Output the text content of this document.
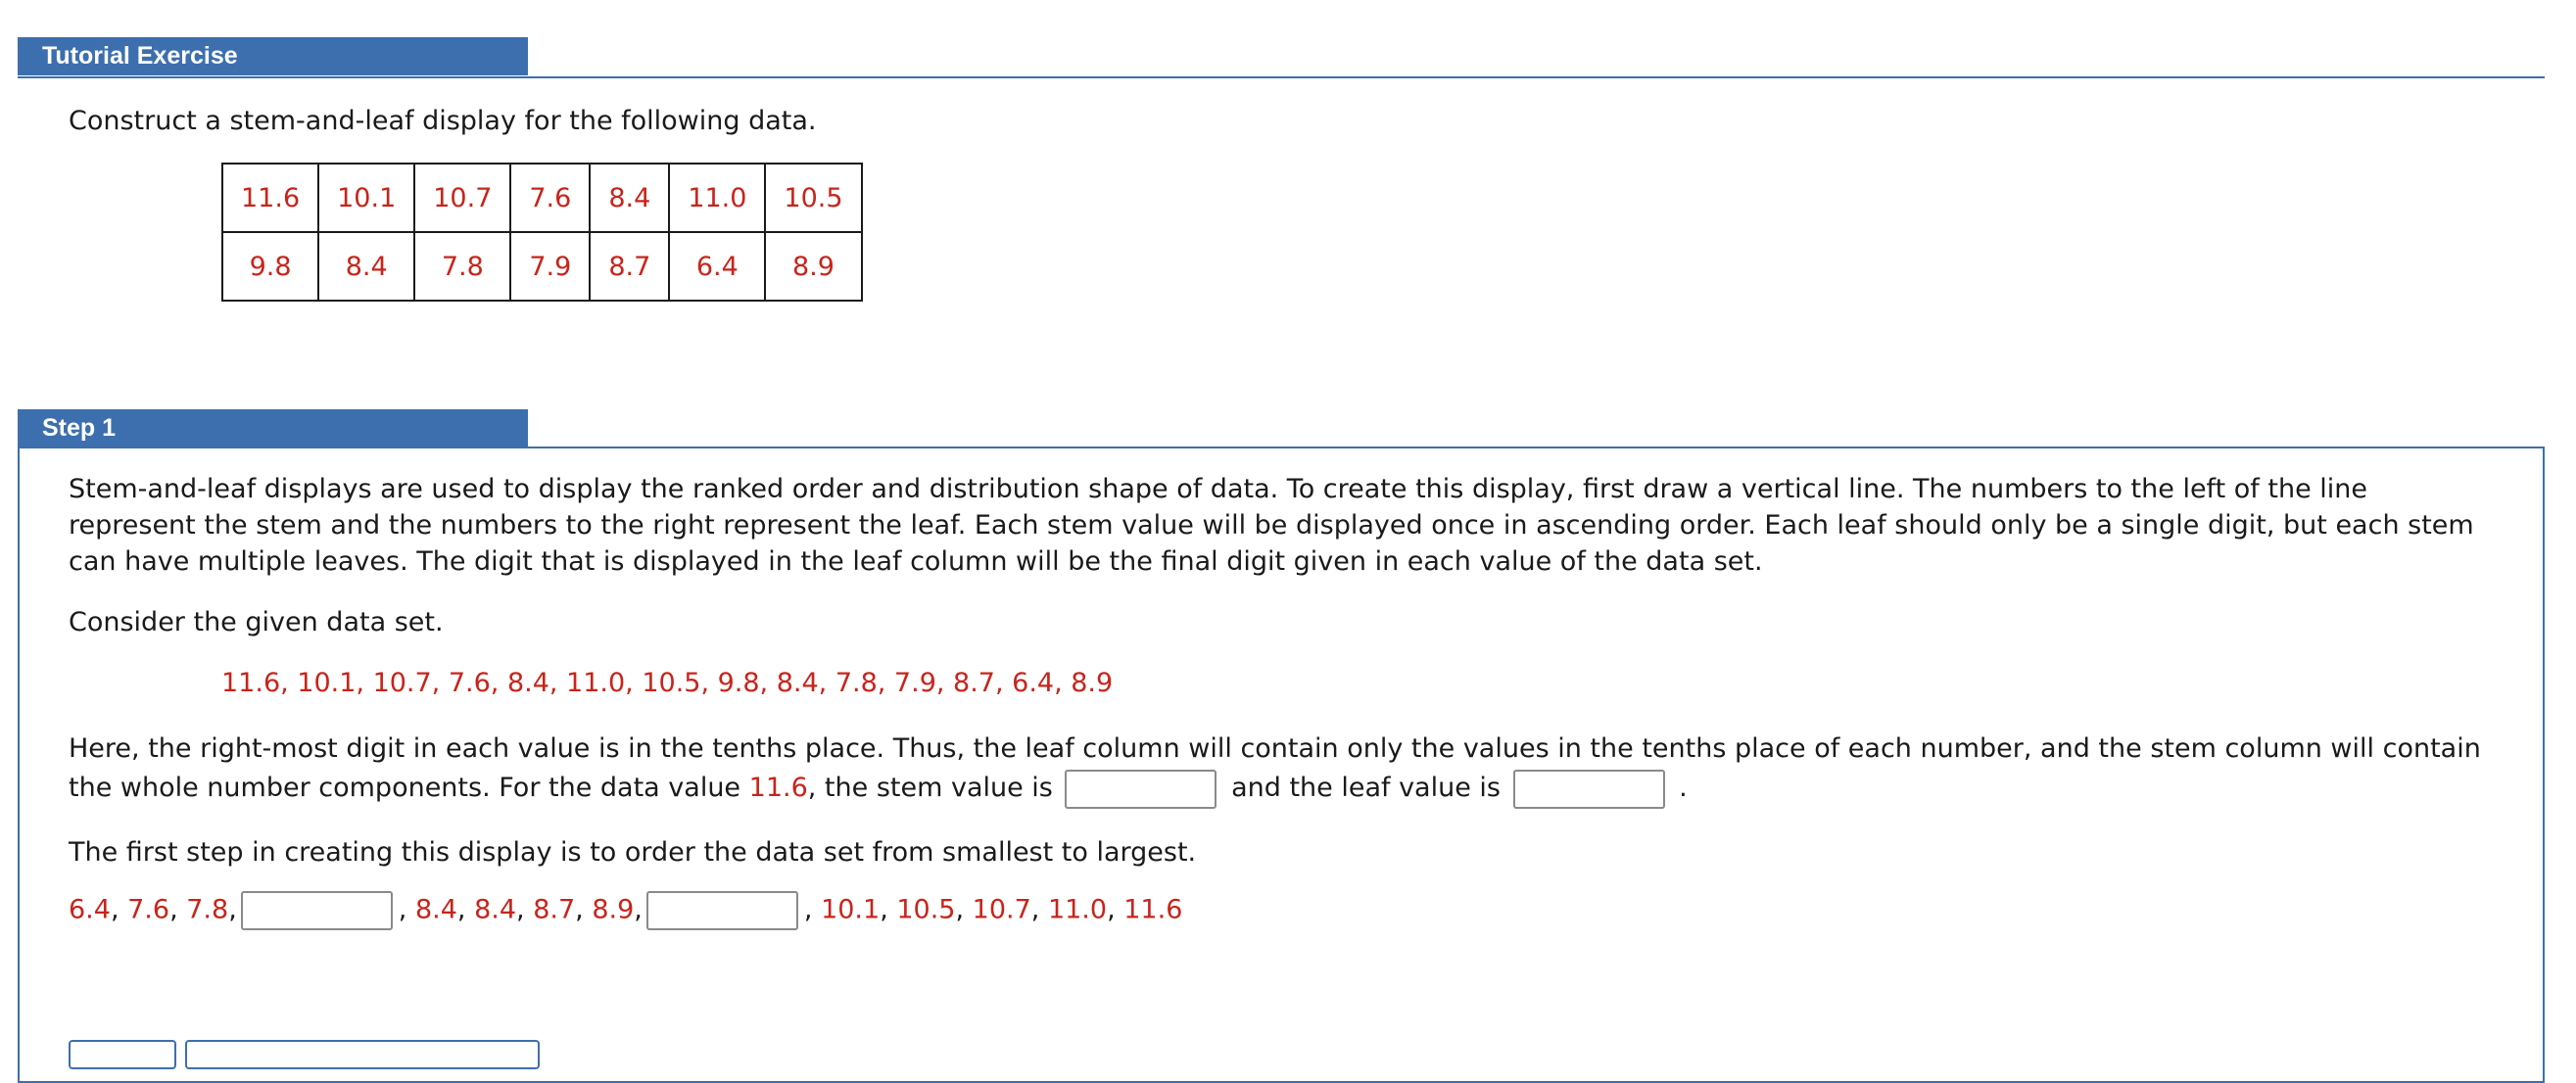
Tutorial Exercise
Construct a stem-and-leaf display for the following data.
11.6	10.1	10.7	7.6	8.4	11.0	10.5
9.8	8.4	7.8	7.9	8.7	6.4	8.9
Step 1
Stem-and-leaf displays are used to display the ranked order and distribution shape of data. To create this display, first draw a vertical line. The numbers to the left of the line represent the stem and the numbers to the right represent the leaf. Each stem value will be displayed once in ascending order. Each leaf should only be a single digit, but each stem can have multiple leaves. The digit that is displayed in the leaf column will be the final digit given in each value of the data set.
Consider the given data set.
11.6, 10.1, 10.7, 7.6, 8.4, 11.0, 10.5, 9.8, 8.4, 7.8, 7.9, 8.7, 6.4, 8.9
Here, the right-most digit in each value is in the tenths place. Thus, the leaf column will contain only the values in the tenths place of each number, and the stem column will contain the whole number components. For the data value 11.6, the stem value is	and the leaf value is	.
The first step in creating this display is to order the data set from smallest to largest.
6.4, 7.6, 7.8,	, 8.4, 8.4, 8.7, 8.9,	, 10.1, 10.5, 10.7, 11.0, 11.6
